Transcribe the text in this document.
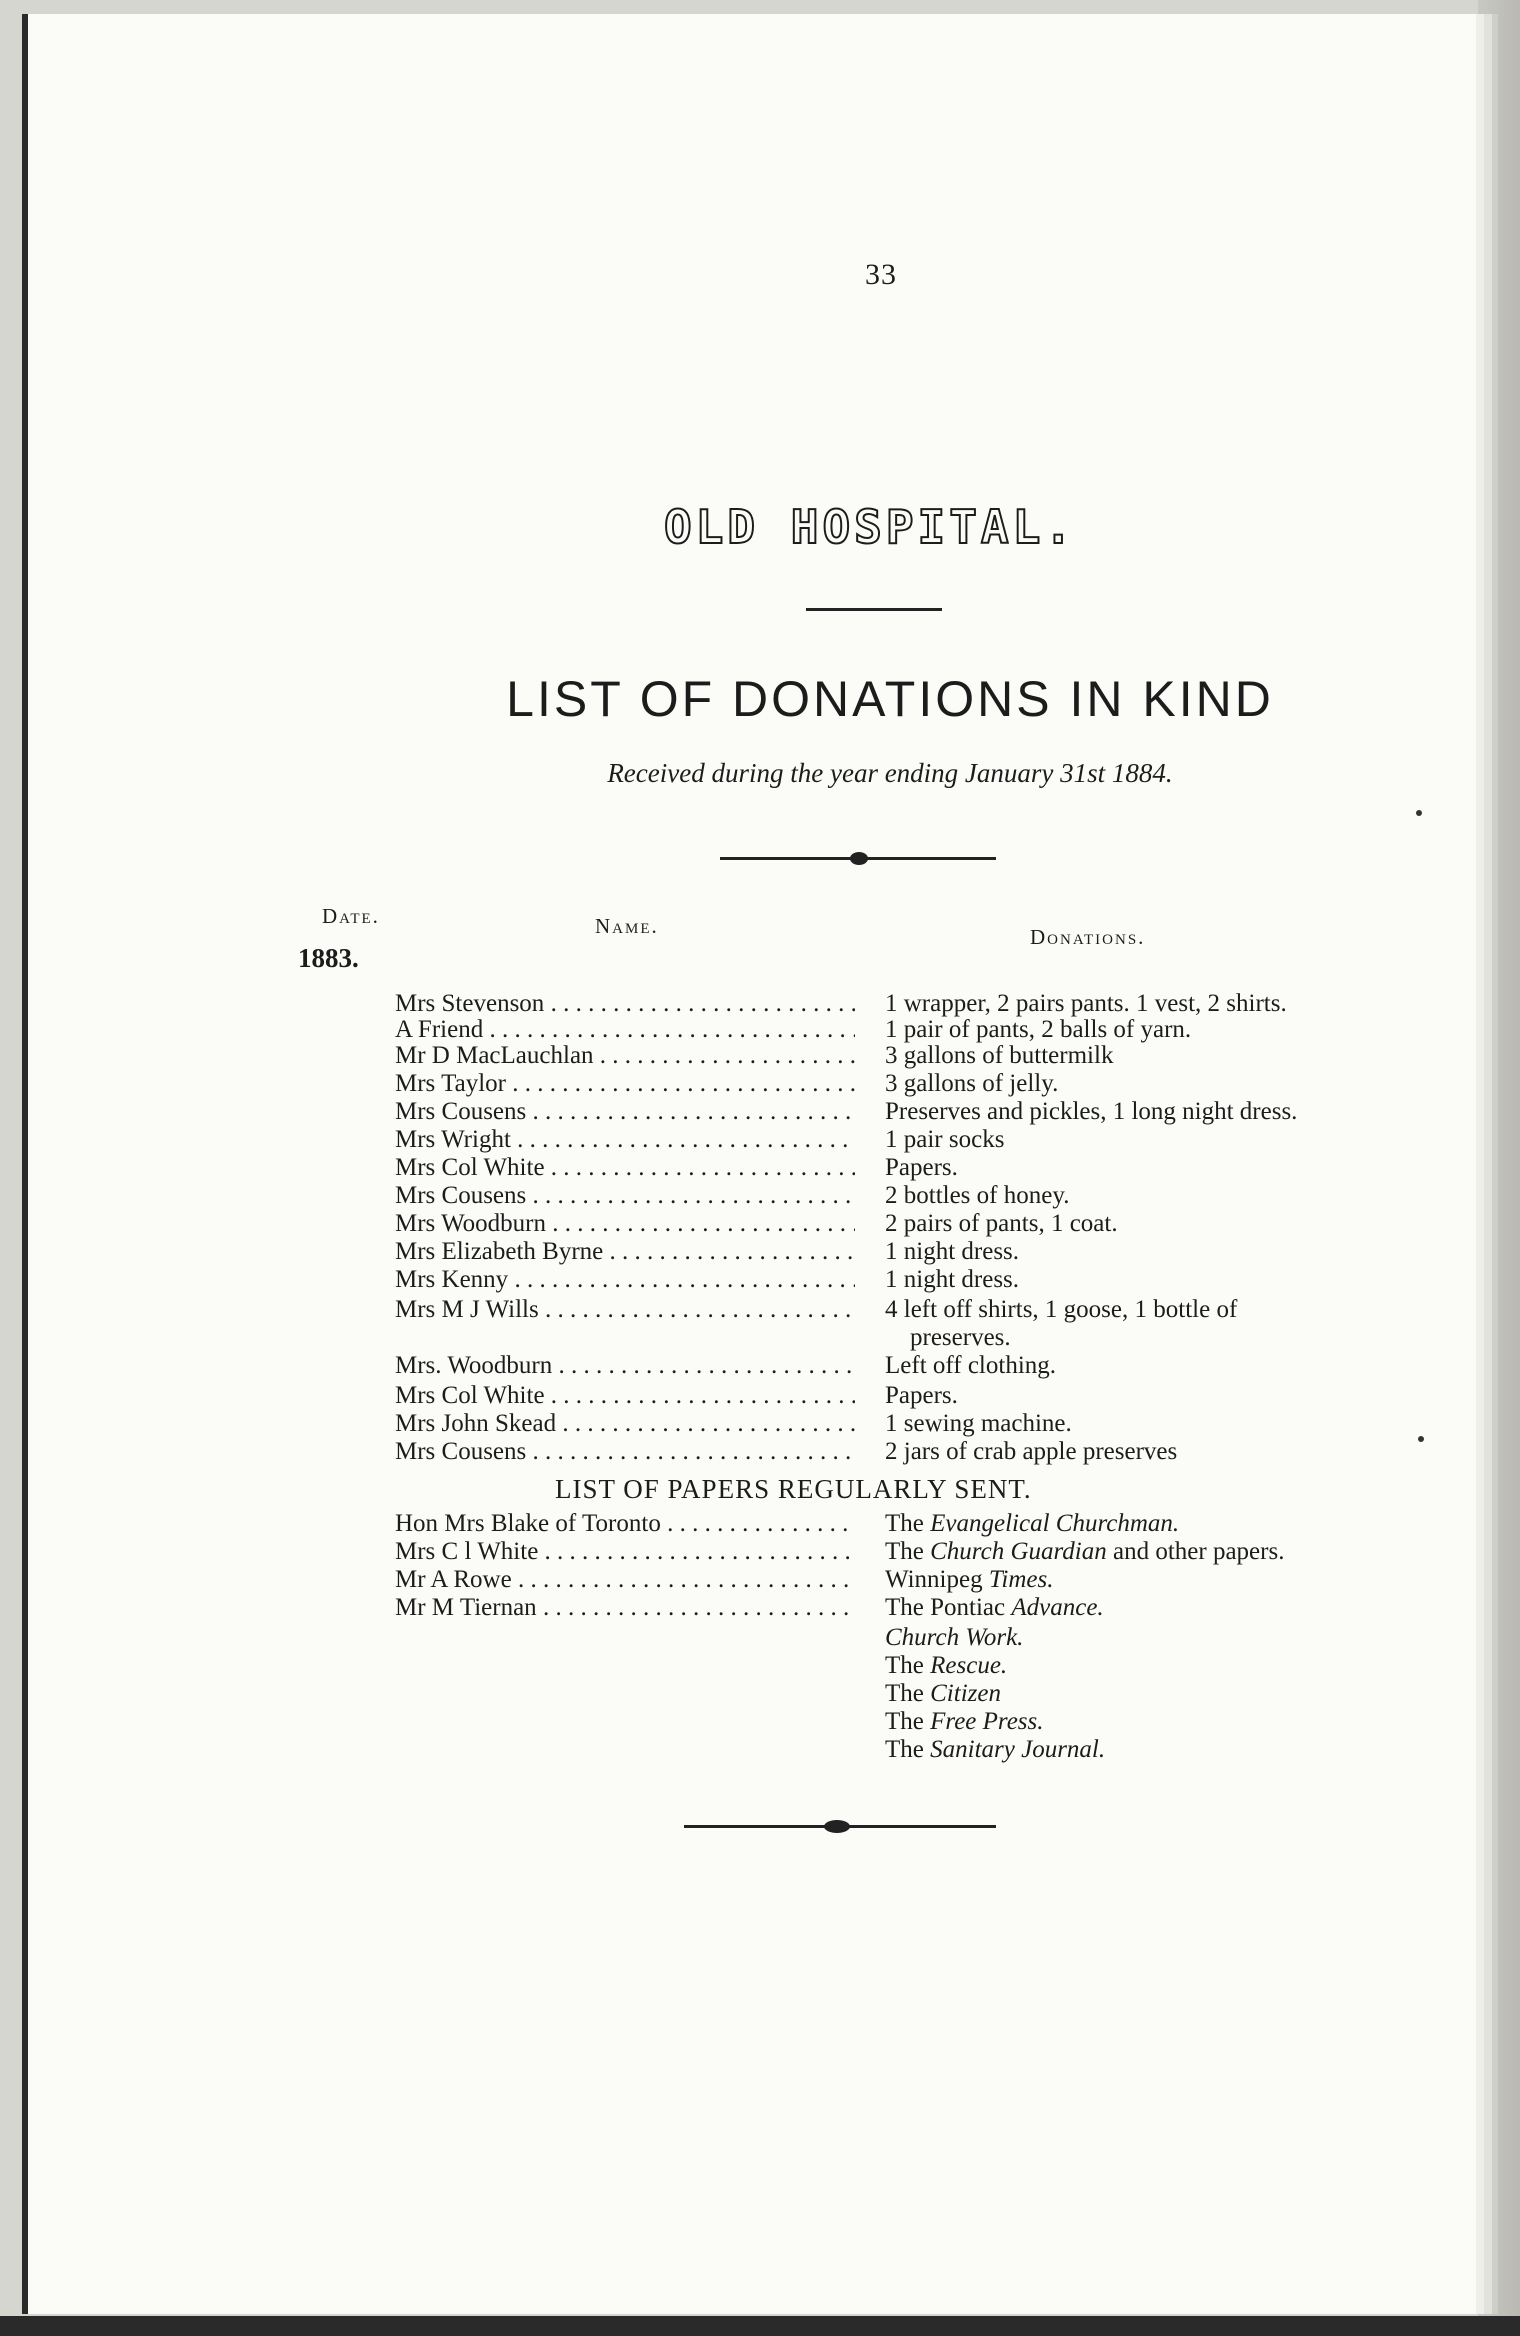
33
OLD HOSPITAL.
LIST OF DONATIONS IN KIND
Received during the year ending January 31st 1884.
Date.
1883.
Name.	Donations.
Mrs Stevenson . . .	1 wrapper, 2 pairs pants. 1 vest, 2 shirts.
A Friend . . .	1 pair of pants, 2 balls of yarn.
Mr D MacLauchlan . . .	3 gallons of buttermilk
Mrs Taylor . . .	3 gallons of jelly.
Mrs Cousens . . .	Preserves and pickles, 1 long night dress.
Mrs Wright . . .	1 pair socks
Mrs Col White . . .	Papers.
Mrs Cousens . . .	2 bottles of honey.
Mrs Woodburn . . .	2 pairs of pants, 1 coat.
Mrs Elizabeth Byrne . . .	1 night dress.
Mrs Kenny . . .	1 night dress.
Mrs M J Wills . . .	4 left off shirts, 1 goose, 1 bottle of
preserves.
Mrs. Woodburn . . .	Left off clothing.
Mrs Col White . . .	Papers.
Mrs John Skead . . .	1 sewing machine.
Mrs Cousens . . .	2 jars of crab apple preserves
LIST OF PAPERS REGULARLY SENT.
Hon Mrs Blake of Toronto . . .	The Evangelical Churchman.
Mrs C l White . . .	The Church Guardian and other papers.
Mr A Rowe . . .	Winnipeg Times.
Mr M Tiernan . . .	The Pontiac Advance.
Church Work.
The Rescue.
The Citizen
The Free Press.
The Sanitary Journal.
